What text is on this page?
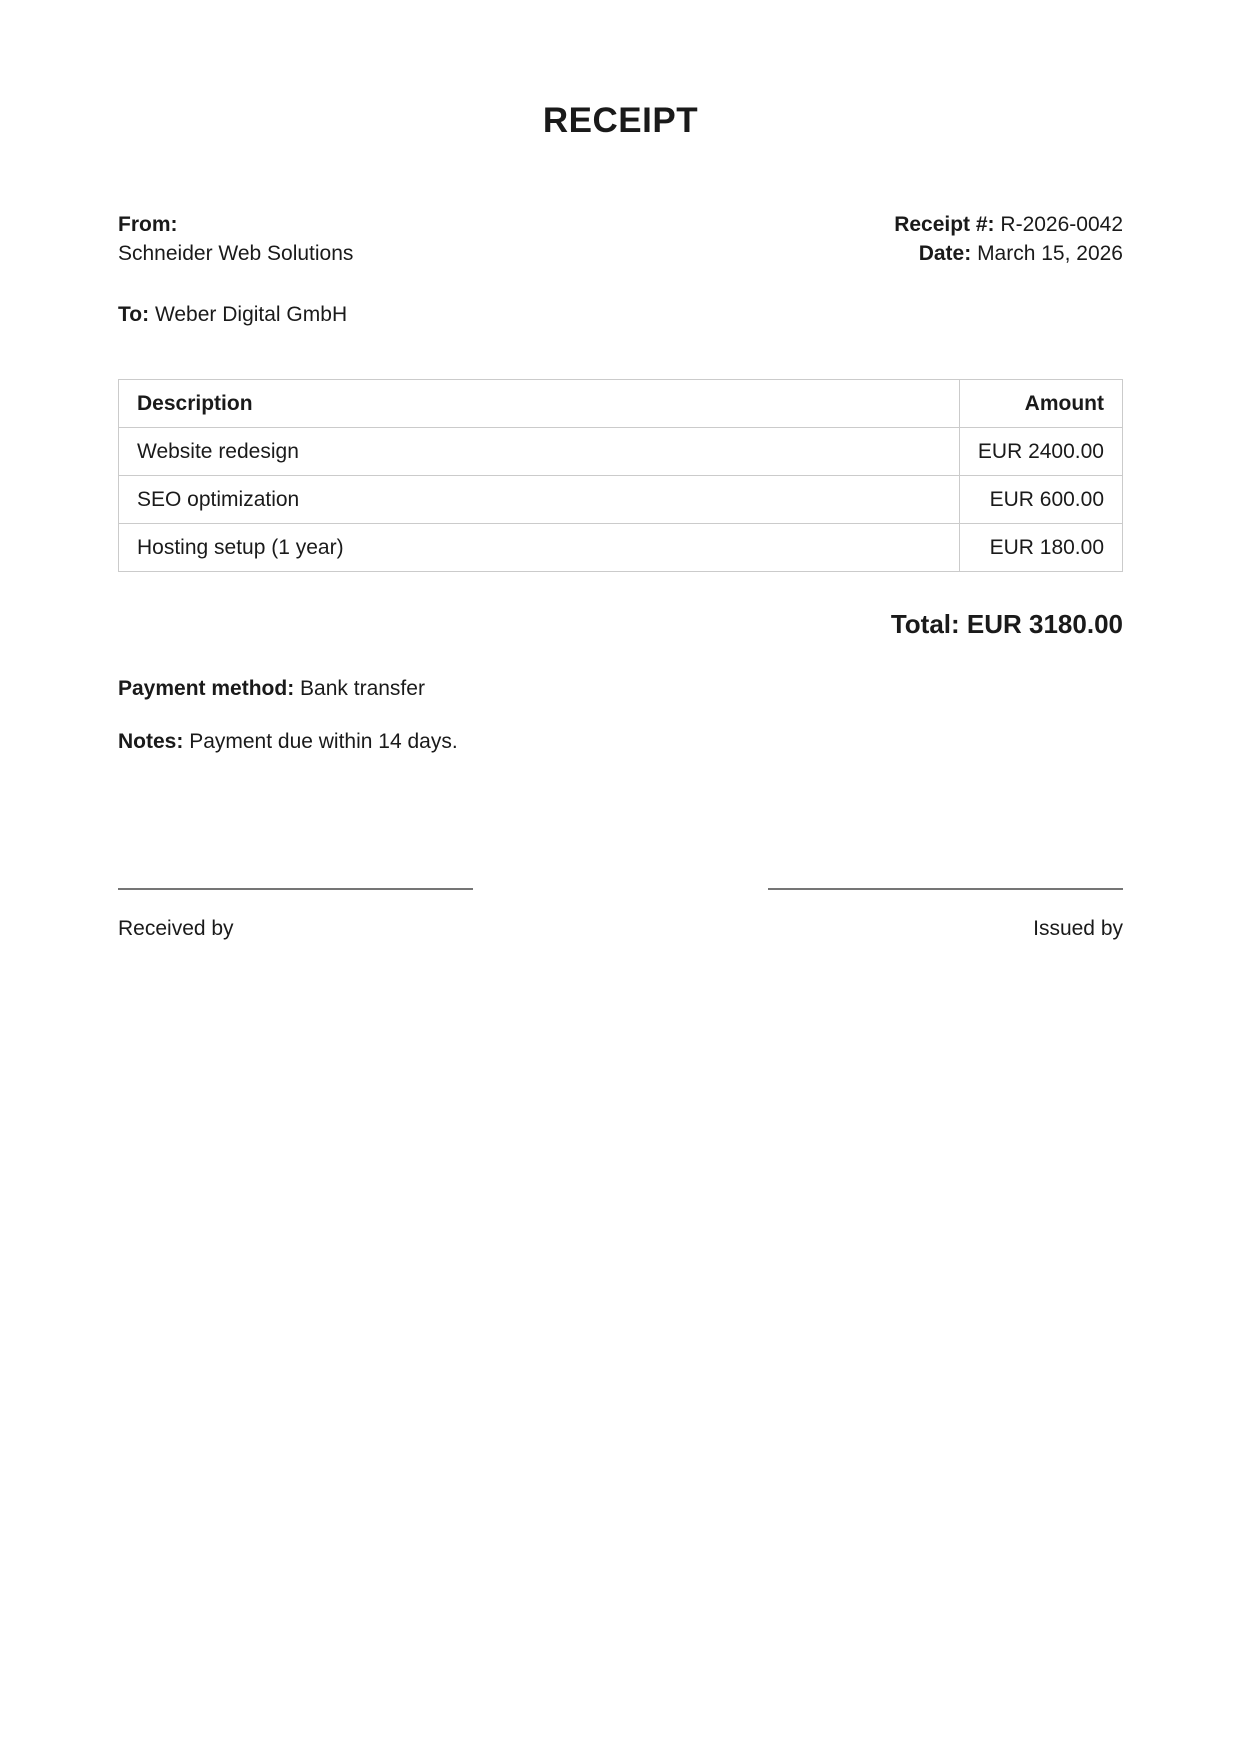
RECEIPT
From:
Schneider Web Solutions
Receipt #: R-2026-0042
Date: March 15, 2026
To: Weber Digital GmbH
Description	Amount
Website redesign	EUR 2400.00
SEO optimization	EUR 600.00
Hosting setup (1 year)	EUR 180.00
Total: EUR 3180.00
Payment method: Bank transfer
Notes: Payment due within 14 days.
Received by	Issued by
